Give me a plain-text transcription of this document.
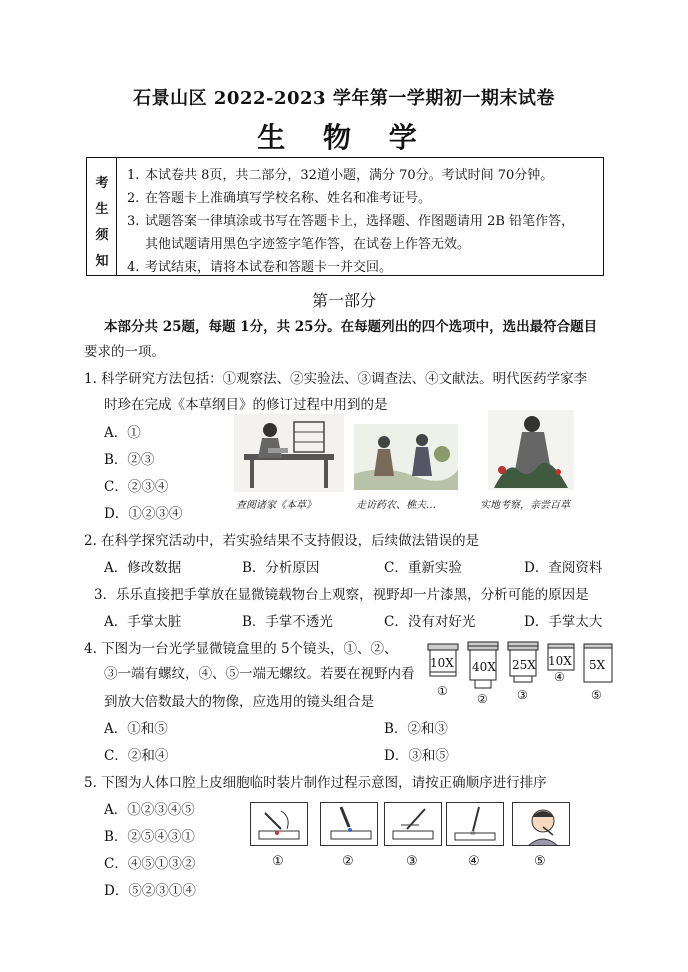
石景山区 2022-2023 学年第一学期初一期末试卷
生 物 学
考
生
须
知
1. 本试卷共 8页，共二部分，32道小题，满分 70分。考试时间 70分钟。
2. 在答题卡上准确填写学校名称、姓名和准考证号。
3. 试题答案一律填涂或书写在答题卡上，选择题、作图题请用 2B 铅笔作答，
其他试题请用黑色字迹签字笔作答，在试卷上作答无效。
4. 考试结束，请将本试卷和答题卡一并交回。
第一部分
本部分共 25题，每题 1分，共 25分。在每题列出的四个选项中，选出最符合题目
要求的一项。
1. 科学研究方法包括：①观察法、②实验法、③调查法、④文献法。明代医药学家李
时珍在完成《本草纲目》的修订过程中用到的是
A．①
B．②③
C．②③④
D．①②③④
查阅诸家《本草》	走访药农、樵夫…	实地考察，亲尝百草
2. 在科学探究活动中，若实验结果不支持假设，后续做法错误的是
A．修改数据	B．分析原因	C．重新实验	D．查阅资料
3．乐乐直接把手掌放在显微镜载物台上观察，视野却一片漆黑，分析可能的原因是
A．手掌太脏	B．手掌不透光	C．没有对好光	D．手掌太大
4. 下图为一台光学显微镜盒里的 5个镜头，①、②、
③一端有螺纹，④、⑤一端无螺纹。若要在视野内看
到放大倍数最大的物像，应选用的镜头组合是
A．①和⑤	B．②和③
C．②和④	D．③和⑤
10X
①
40X
②
25X
③
10X
④
5X
⑤
5. 下图为人体口腔上皮细胞临时装片制作过程示意图，请按正确顺序进行排序
A．①②③④⑤
B．②⑤④③①
C．④⑤①③②
D．⑤②③①④
①	②	③	④	⑤
